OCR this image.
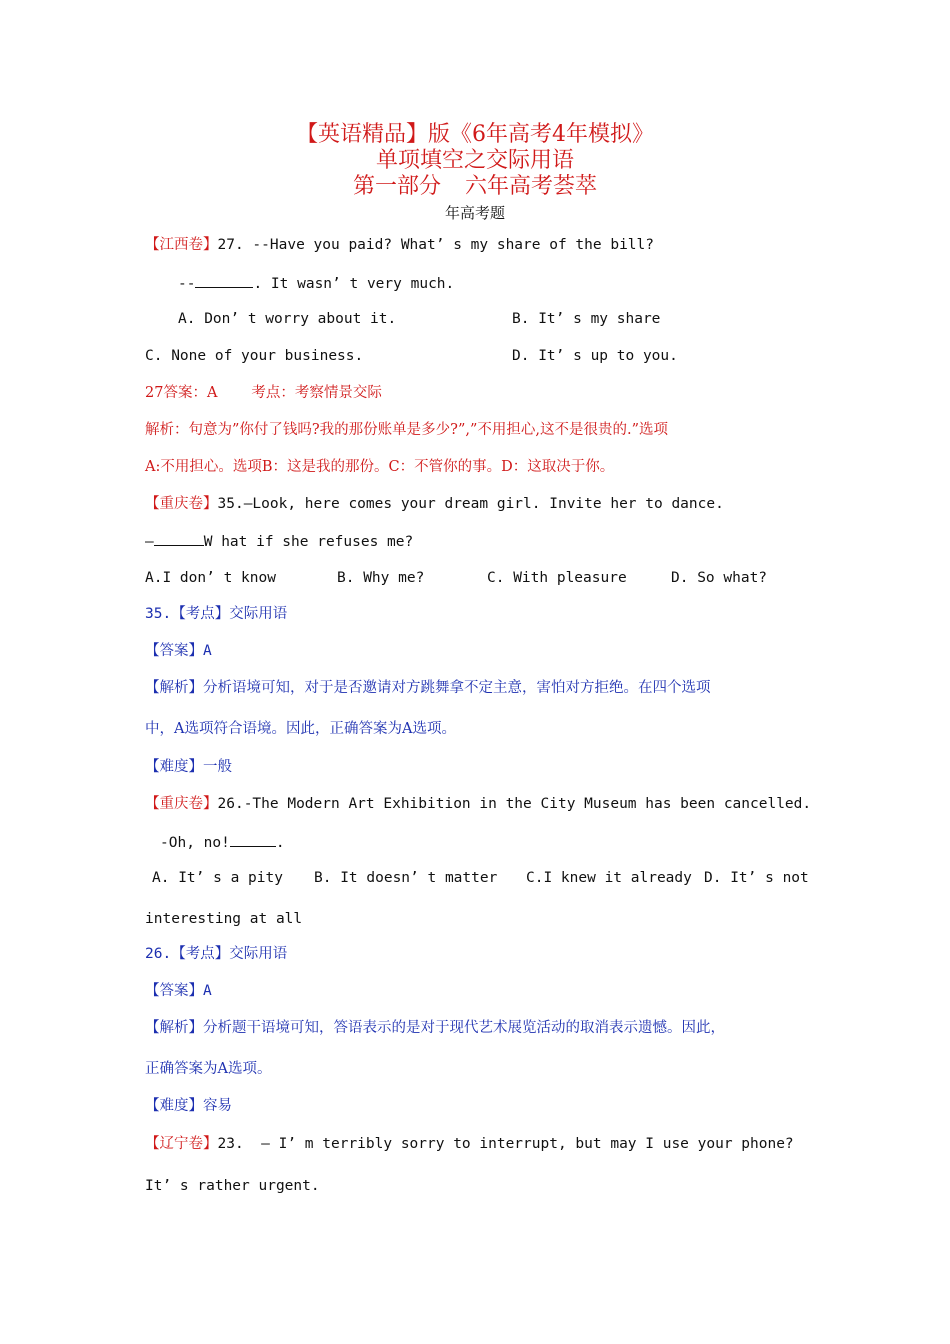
【英语精品】版《6年高考4年模拟》
单项填空之交际用语
第一部分 六年高考荟萃
年高考题
【江西卷】27. --Have you paid? What’ s my share of the bill?
--	. It wasn’ t very much.
A. Don’ t worry about it.	B. It’ s my share
C. None of your business.	D. It’ s up to you.
27答案：A 考点：考察情景交际
解析：句意为”你付了钱吗?我的那份账单是多少?”,”不用担心,这不是很贵的.”选项
A:不用担心。选项B：这是我的那份。C：不管你的事。D：这取决于你。
【重庆卷】35.—Look, here comes your dream girl. Invite her to dance.
—	W hat if she refuses me?
A.I don’ t know	B. Why me?	C. With pleasure	D. So what?
35.【考点】交际用语
【答案】A
【解析】分析语境可知，对于是否邀请对方跳舞拿不定主意，害怕对方拒绝。在四个选项
中，A选项符合语境。因此，正确答案为A选项。
【难度】一般
【重庆卷】26.-The Modern Art Exhibition in the City Museum has been cancelled.
-Oh, no!	.
A. It’ s a pity B. It doesn’ t matter C.I knew it already D. It’ s not
interesting at all
26.【考点】交际用语
【答案】A
【解析】分析题干语境可知，答语表示的是对于现代艺术展览活动的取消表示遗憾。因此，
正确答案为A选项。
【难度】容易
【辽宁卷】23.  — I’ m terribly sorry to interrupt, but may I use your phone?
It’ s rather urgent.
